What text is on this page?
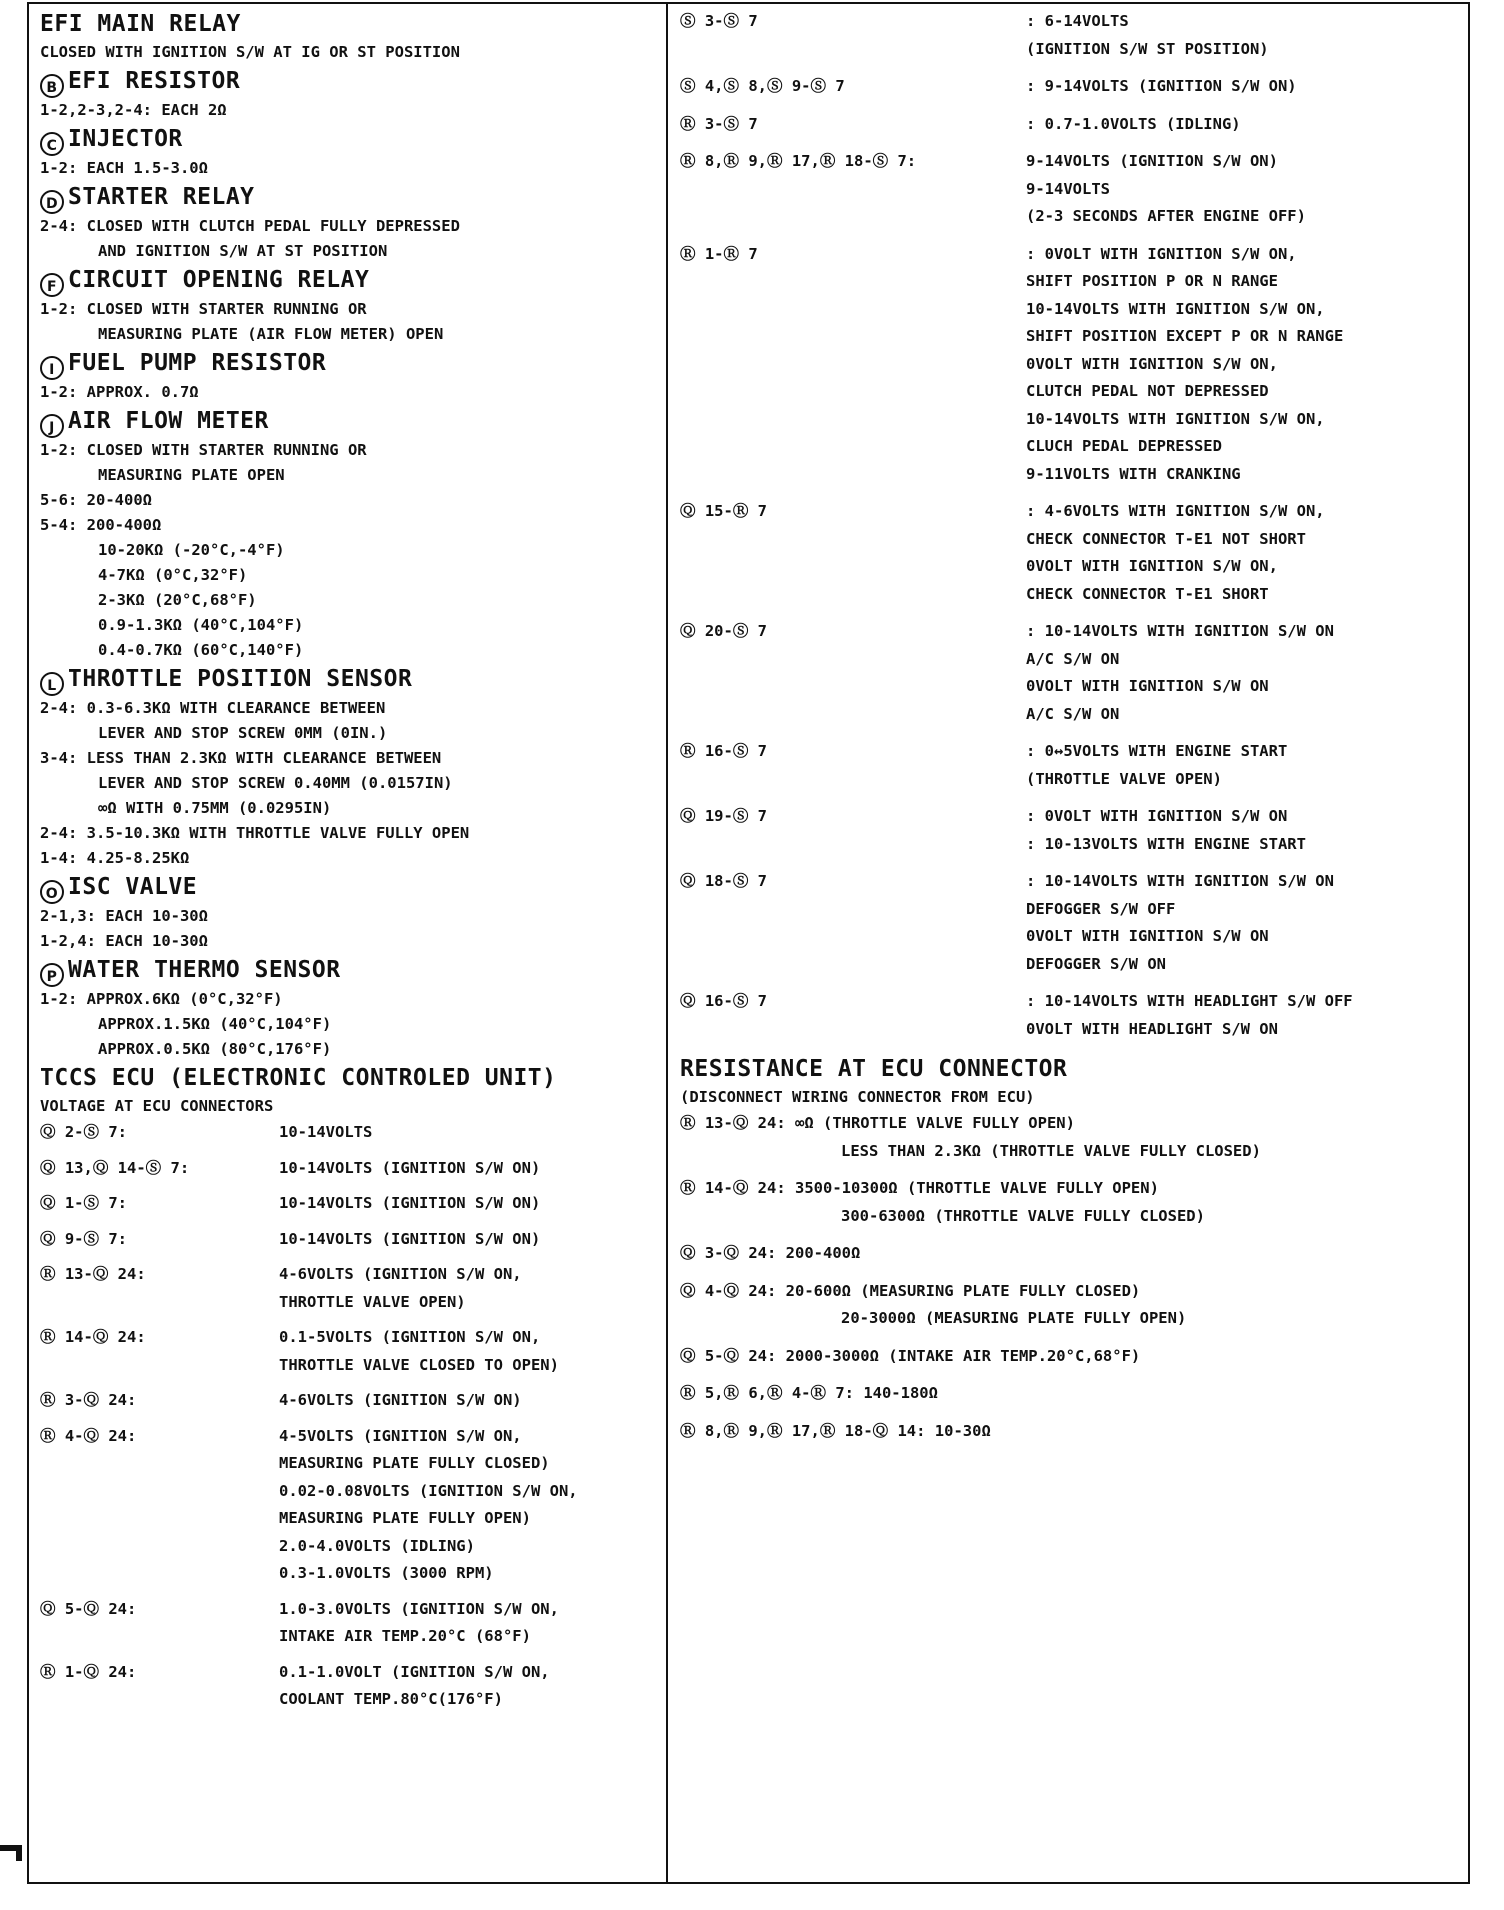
EFI MAIN RELAY
CLOSED WITH IGNITION S/W AT IG OR ST POSITION
B EFI RESISTOR
1-2,2-3,2-4: EACH 2Ω
C INJECTOR
1-2: EACH 1.5-3.0Ω
D STARTER RELAY
2-4: CLOSED WITH CLUTCH PEDAL FULLY DEPRESSED
AND IGNITION S/W AT ST POSITION
F CIRCUIT OPENING RELAY
1-2: CLOSED WITH STARTER RUNNING OR
MEASURING PLATE (AIR FLOW METER) OPEN
I FUEL PUMP RESISTOR
1-2: APPROX. 0.7Ω
J AIR FLOW METER
1-2: CLOSED WITH STARTER RUNNING OR
MEASURING PLATE OPEN
5-6: 20-400Ω
5-4: 200-400Ω
10-20KΩ (-20°C,-4°F)
4-7KΩ (0°C,32°F)
2-3KΩ (20°C,68°F)
0.9-1.3KΩ (40°C,104°F)
0.4-0.7KΩ (60°C,140°F)
L THROTTLE POSITION SENSOR
2-4: 0.3-6.3KΩ WITH CLEARANCE BETWEEN
LEVER AND STOP SCREW 0MM (0IN.)
3-4: LESS THAN 2.3KΩ WITH CLEARANCE BETWEEN
LEVER AND STOP SCREW 0.40MM (0.0157IN)
∞Ω WITH 0.75MM (0.0295IN)
2-4: 3.5-10.3KΩ WITH THROTTLE VALVE FULLY OPEN
1-4: 4.25-8.25KΩ
O ISC VALVE
2-1,3: EACH 10-30Ω
1-2,4: EACH 10-30Ω
P WATER THERMO SENSOR
1-2: APPROX.6KΩ (0°C,32°F)
APPROX.1.5KΩ (40°C,104°F)
APPROX.0.5KΩ (80°C,176°F)
TCCS ECU (ELECTRONIC CONTROLED UNIT)
VOLTAGE AT ECU CONNECTORS
Ⓠ 2-Ⓢ 7:	10-14VOLTS
Ⓠ 13,Ⓠ 14-Ⓢ 7:	10-14VOLTS (IGNITION S/W ON)
Ⓠ 1-Ⓢ 7:	10-14VOLTS (IGNITION S/W ON)
Ⓠ 9-Ⓢ 7:	10-14VOLTS (IGNITION S/W ON)
Ⓡ 13-Ⓠ 24:	4-6VOLTS (IGNITION S/W ON,
THROTTLE VALVE OPEN)
Ⓡ 14-Ⓠ 24:	0.1-5VOLTS (IGNITION S/W ON,
THROTTLE VALVE CLOSED TO OPEN)
Ⓡ 3-Ⓠ 24:	4-6VOLTS (IGNITION S/W ON)
Ⓡ 4-Ⓠ 24:	4-5VOLTS (IGNITION S/W ON,
MEASURING PLATE FULLY CLOSED)
0.02-0.08VOLTS (IGNITION S/W ON,
MEASURING PLATE FULLY OPEN)
2.0-4.0VOLTS (IDLING)
0.3-1.0VOLTS (3000 RPM)
Ⓠ 5-Ⓠ 24:	1.0-3.0VOLTS (IGNITION S/W ON,
INTAKE AIR TEMP.20°C (68°F)
Ⓡ 1-Ⓠ 24:	0.1-1.0VOLT (IGNITION S/W ON,
COOLANT TEMP.80°C(176°F)
Ⓢ 3-Ⓢ 7	: 6-14VOLTS
(IGNITION S/W ST POSITION)
Ⓢ 4,Ⓢ 8,Ⓢ 9-Ⓢ 7	: 9-14VOLTS (IGNITION S/W ON)
Ⓡ 3-Ⓢ 7	: 0.7-1.0VOLTS (IDLING)
Ⓡ 8,Ⓡ 9,Ⓡ 17,Ⓡ 18-Ⓢ 7:	9-14VOLTS (IGNITION S/W ON)
9-14VOLTS
(2-3 SECONDS AFTER ENGINE OFF)
Ⓡ 1-Ⓡ 7	: 0VOLT WITH IGNITION S/W ON,
SHIFT POSITION P OR N RANGE
10-14VOLTS WITH IGNITION S/W ON,
SHIFT POSITION EXCEPT P OR N RANGE
0VOLT WITH IGNITION S/W ON,
CLUTCH PEDAL NOT DEPRESSED
10-14VOLTS WITH IGNITION S/W ON,
CLUCH PEDAL DEPRESSED
9-11VOLTS WITH CRANKING
Ⓠ 15-Ⓡ 7	: 4-6VOLTS WITH IGNITION S/W ON,
CHECK CONNECTOR T-E1 NOT SHORT
0VOLT WITH IGNITION S/W ON,
CHECK CONNECTOR T-E1 SHORT
Ⓠ 20-Ⓢ 7	: 10-14VOLTS WITH IGNITION S/W ON
A/C S/W ON
0VOLT WITH IGNITION S/W ON
A/C S/W ON
Ⓡ 16-Ⓢ 7	: 0↔5VOLTS WITH ENGINE START
(THROTTLE VALVE OPEN)
Ⓠ 19-Ⓢ 7	: 0VOLT WITH IGNITION S/W ON
: 10-13VOLTS WITH ENGINE START
Ⓠ 18-Ⓢ 7	: 10-14VOLTS WITH IGNITION S/W ON
DEFOGGER S/W OFF
0VOLT WITH IGNITION S/W ON
DEFOGGER S/W ON
Ⓠ 16-Ⓢ 7	: 10-14VOLTS WITH HEADLIGHT S/W OFF
0VOLT WITH HEADLIGHT S/W ON
RESISTANCE AT ECU CONNECTOR
(DISCONNECT WIRING CONNECTOR FROM ECU)
Ⓡ 13-Ⓠ 24: ∞Ω (THROTTLE VALVE FULLY OPEN)
LESS THAN 2.3KΩ (THROTTLE VALVE FULLY CLOSED)
Ⓡ 14-Ⓠ 24: 3500-10300Ω (THROTTLE VALVE FULLY OPEN)
300-6300Ω (THROTTLE VALVE FULLY CLOSED)
Ⓠ 3-Ⓠ 24: 200-400Ω
Ⓠ 4-Ⓠ 24: 20-600Ω (MEASURING PLATE FULLY CLOSED)
20-3000Ω (MEASURING PLATE FULLY OPEN)
Ⓠ 5-Ⓠ 24: 2000-3000Ω (INTAKE AIR TEMP.20°C,68°F)
Ⓡ 5,Ⓡ 6,Ⓡ 4-Ⓡ 7: 140-180Ω
Ⓡ 8,Ⓡ 9,Ⓡ 17,Ⓡ 18-Ⓠ 14: 10-30Ω
